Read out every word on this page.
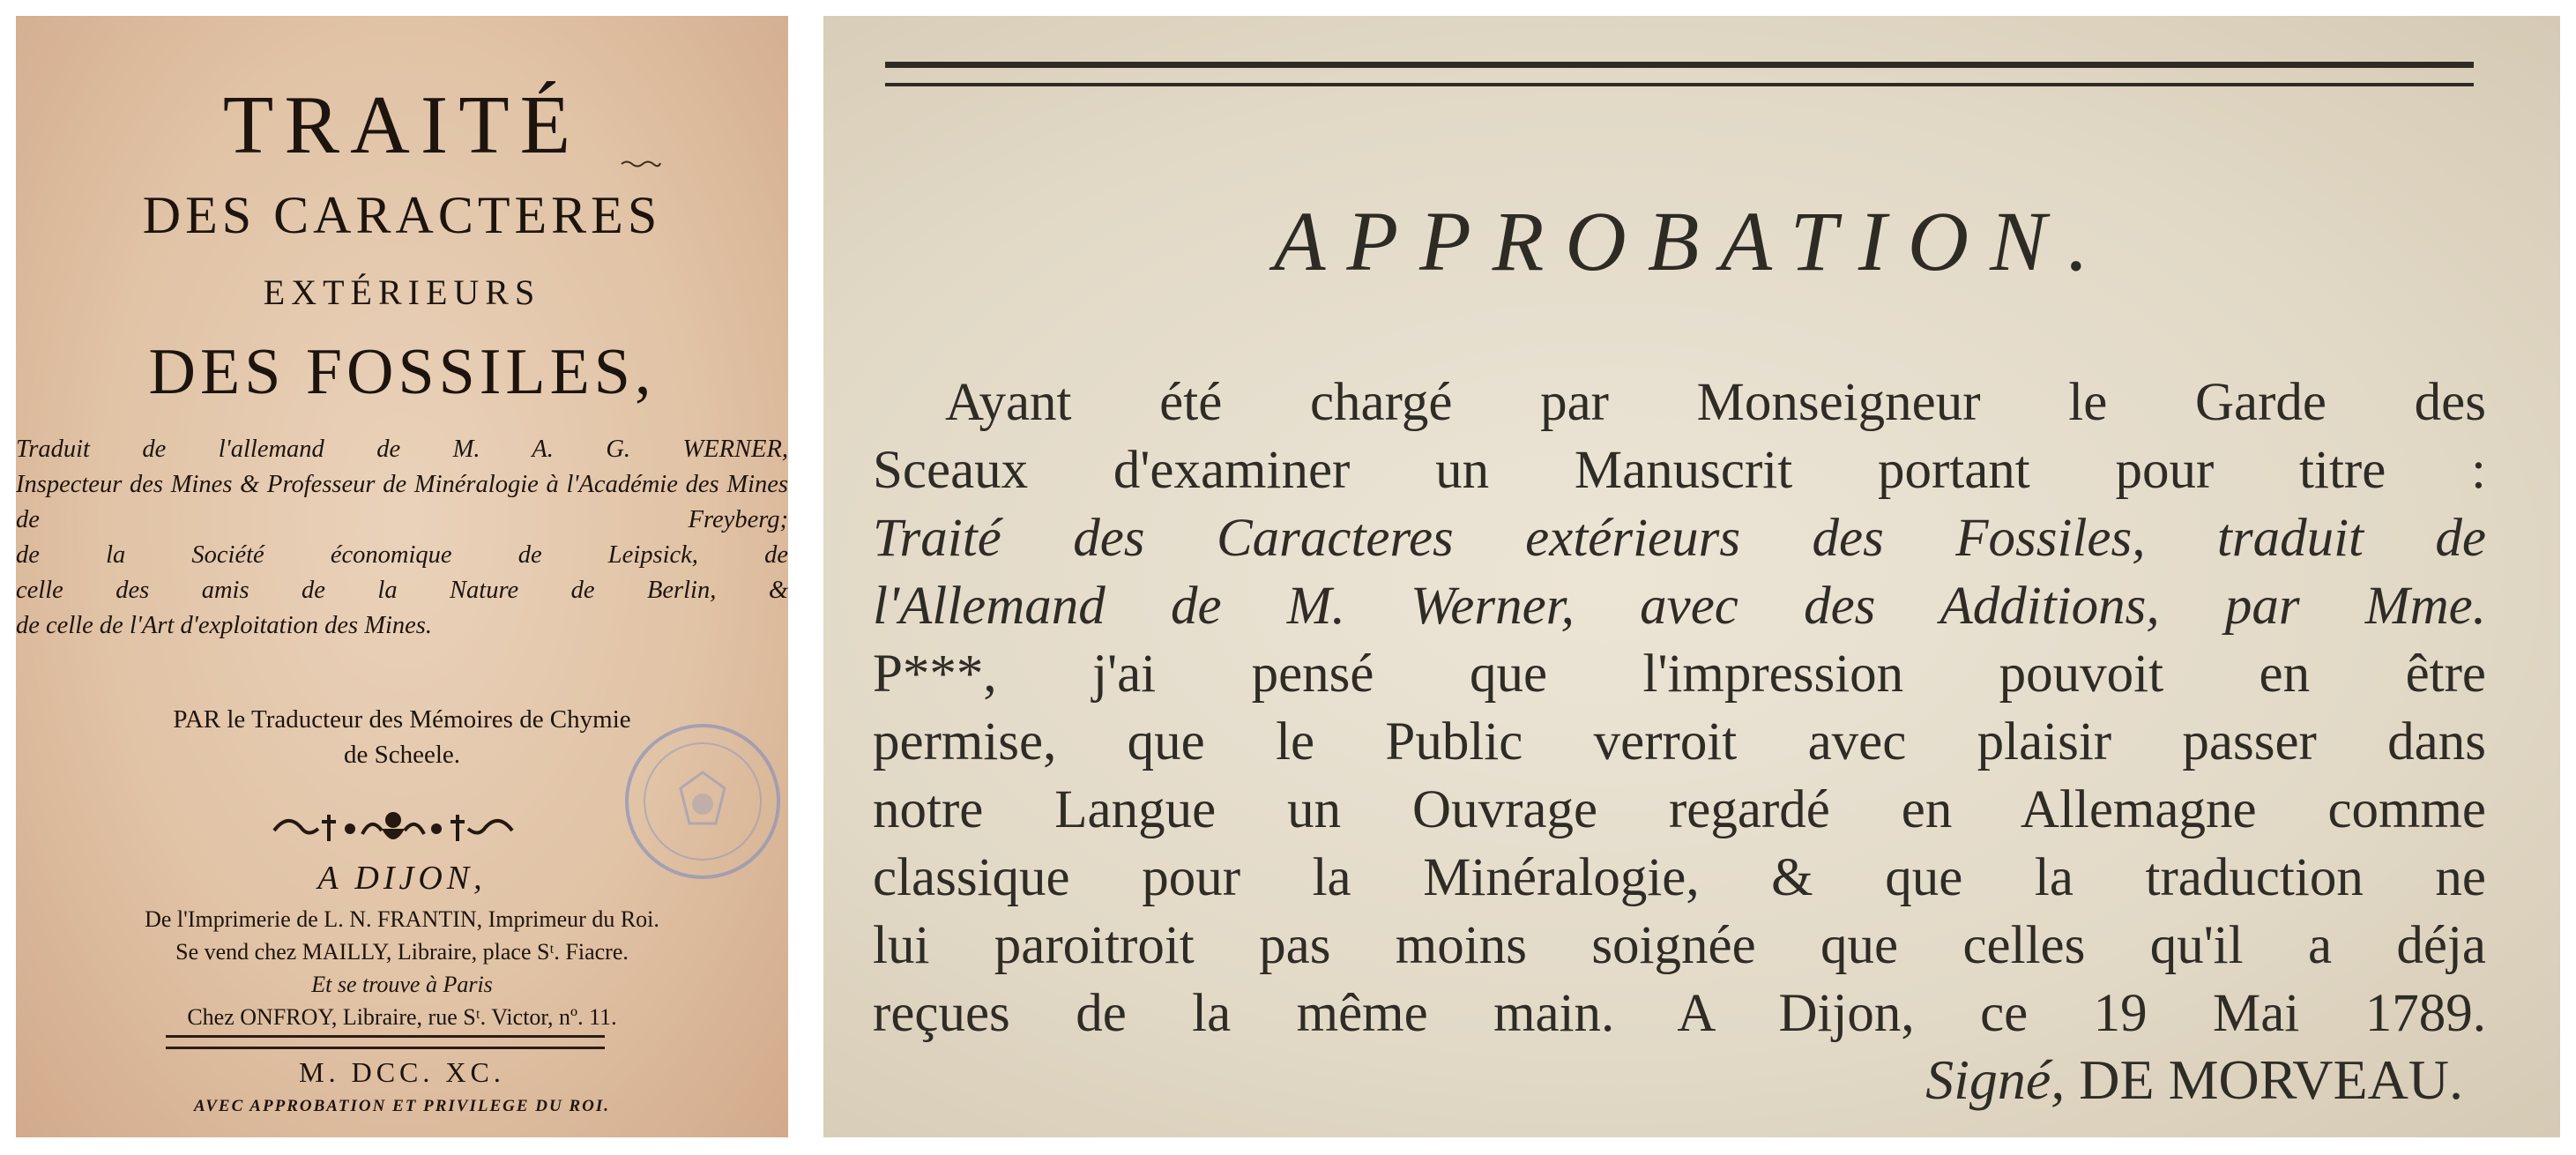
TRAITÉ
DES CARACTERES
EXTÉRIEURS
DES FOSSILES,
Traduit de l'allemand de M. A. G. WERNER,
Inspecteur des Mines & Professeur de Minéralogie à l'Académie des Mines de Freyberg;
de la Société économique de Leipsick, de
celle des amis de la Nature de Berlin, &
de celle de l'Art d'exploitation des Mines.
PAR le Traducteur des Mémoires de Chymie
de Scheele.
A DIJON,
De l'Imprimerie de L. N. FRANTIN, Imprimeur du Roi.
Se vend chez MAILLY, Libraire, place Sᵗ. Fiacre.
Et se trouve à Paris
Chez ONFROY, Libraire, rue Sᵗ. Victor, nº. 11.
M. DCC. XC.
AVEC APPROBATION ET PRIVILEGE DU ROI.
APPROBATION.
Ayant été chargé par Monseigneur le Garde des
Sceaux d'examiner un Manuscrit portant pour titre :
Traité des Caracteres extérieurs des Fossiles, traduit de
l'Allemand de M. Werner, avec des Additions, par Mme.
P***, j'ai pensé que l'impression pouvoit en être
permise, que le Public verroit avec plaisir passer dans
notre Langue un Ouvrage regardé en Allemagne comme
classique pour la Minéralogie, & que la traduction ne
lui paroitroit pas moins soignée que celles qu'il a déja
reçues de la même main. A Dijon, ce 19 Mai 1789.
Signé, DE MORVEAU.
